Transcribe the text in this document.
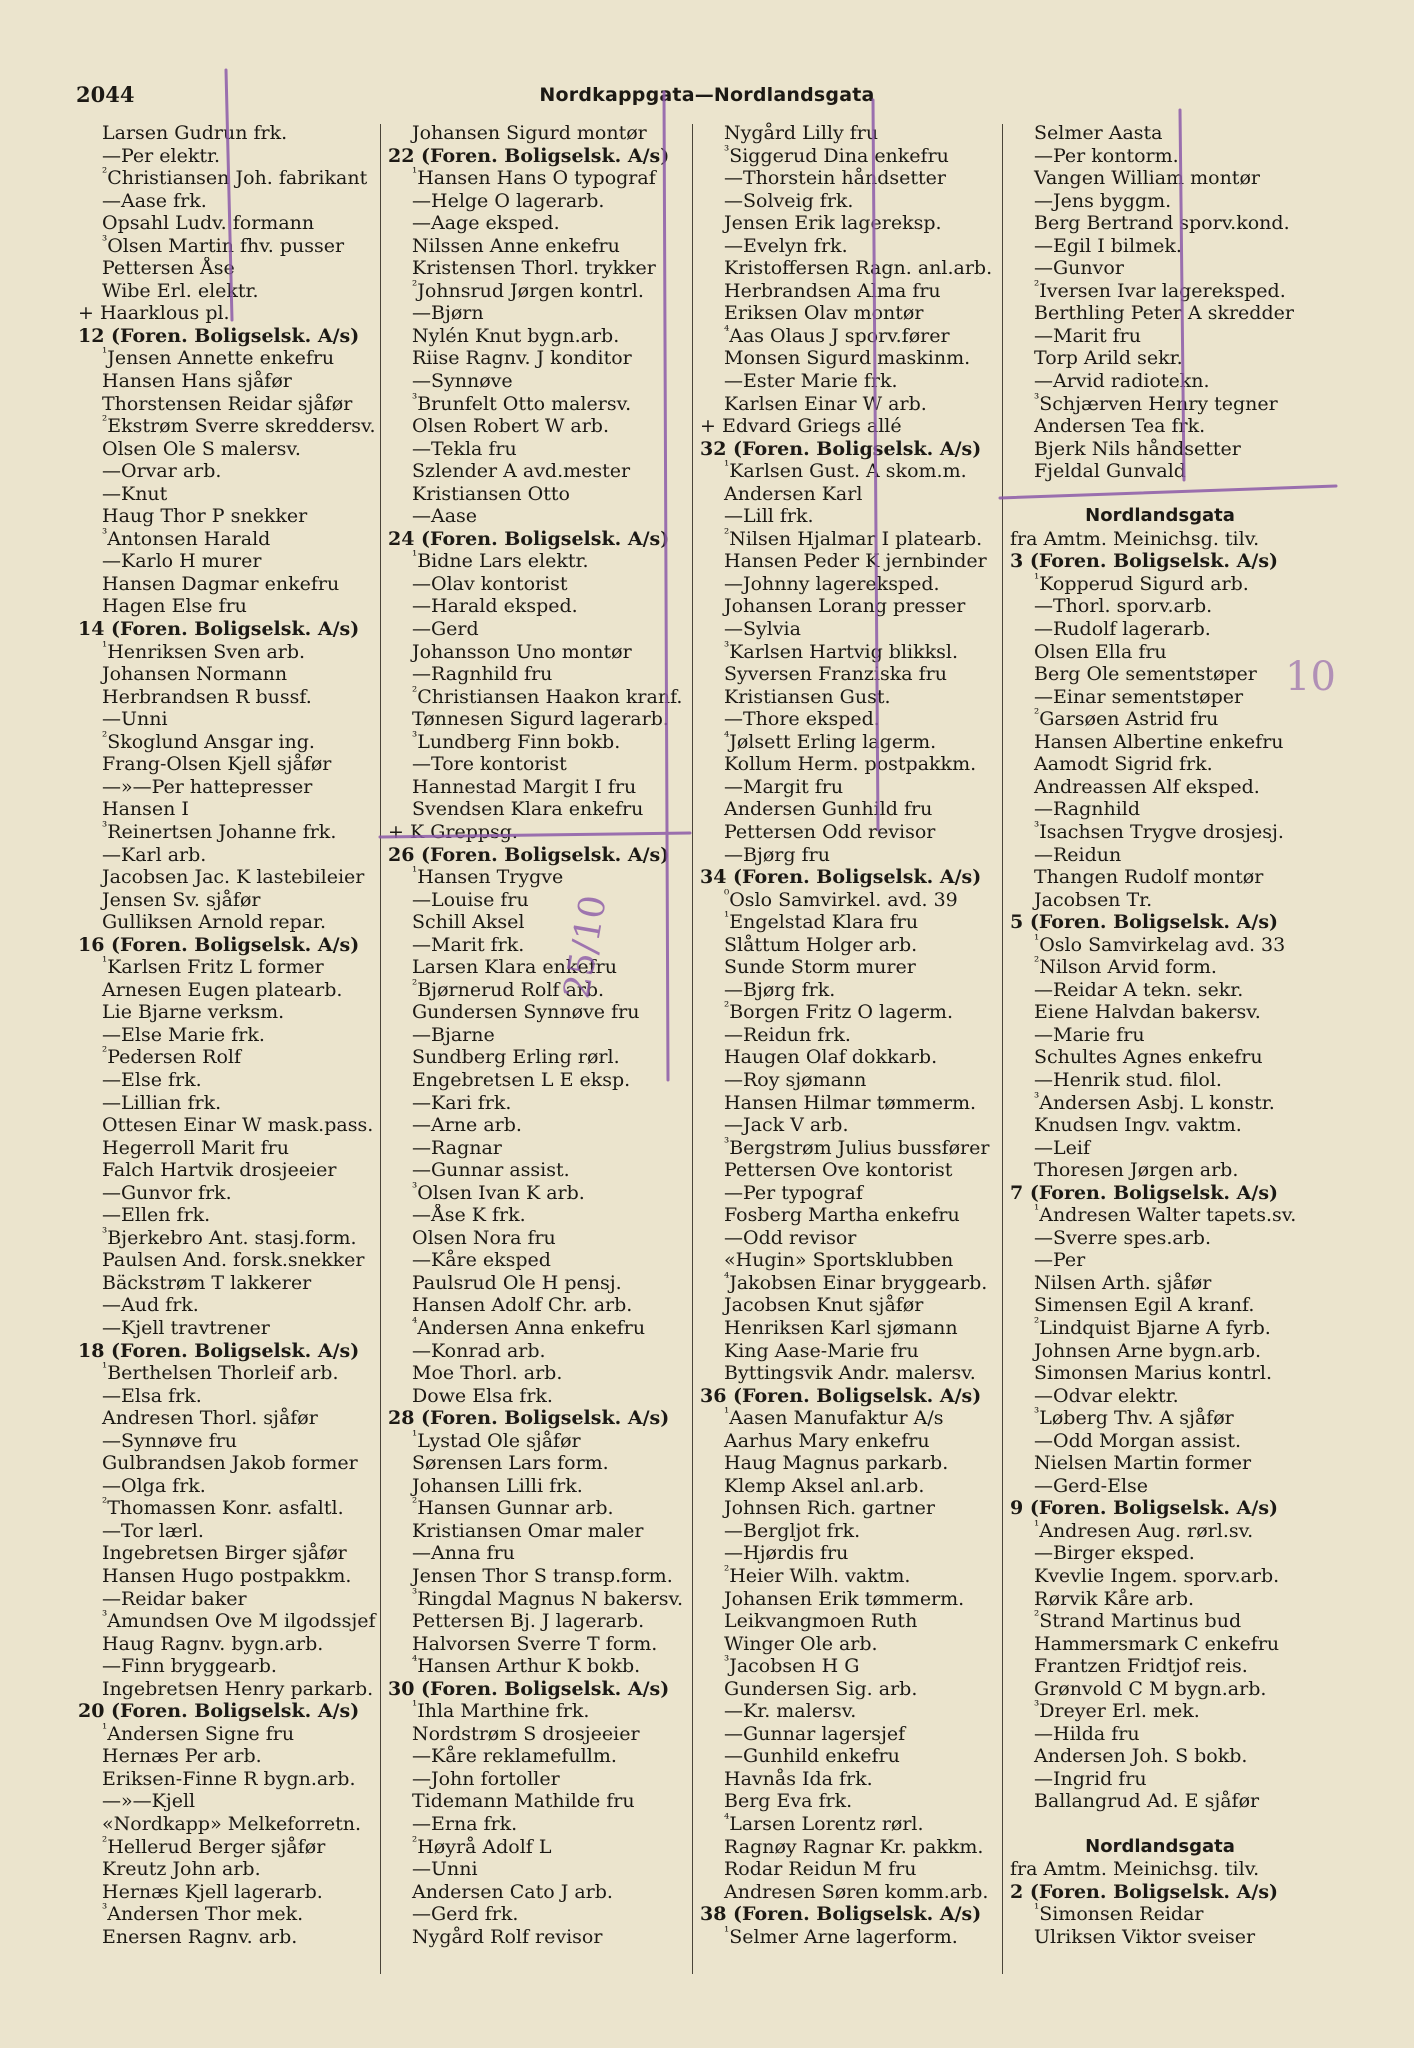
2044	Nordkappgata—Nordlandsgata
Larsen Gudrun frk.
—Per elektr.
$^{^2}$Christiansen Joh. fabrikant
—Aase frk.
Opsahl Ludv. formann
$^{^3}$Olsen Martin fhv. pusser
Pettersen Åse
Wibe Erl. elektr.
+ Haarklous pl.
12 (Foren. Boligselsk. A/s)
$^{^1}$Jensen Annette enkefru
Hansen Hans sjåfør
Thorstensen Reidar sjåfør
$^{^2}$Ekstrøm Sverre skreddersv.
Olsen Ole S malersv.
—Orvar arb.
—Knut
Haug Thor P snekker
$^{^3}$Antonsen Harald
—Karlo H murer
Hansen Dagmar enkefru
Hagen Else fru
14 (Foren. Boligselsk. A/s)
$^{^1}$Henriksen Sven arb.
Johansen Normann
Herbrandsen R bussf.
—Unni
$^{^2}$Skoglund Ansgar ing.
Frang-Olsen Kjell sjåfør
—»—Per hattepresser
Hansen I
$^{^3}$Reinertsen Johanne frk.
—Karl arb.
Jacobsen Jac. K lastebileier
Jensen Sv. sjåfør
Gulliksen Arnold repar.
16 (Foren. Boligselsk. A/s)
$^{^1}$Karlsen Fritz L former
Arnesen Eugen platearb.
Lie Bjarne verksm.
—Else Marie frk.
$^{^2}$Pedersen Rolf
—Else frk.
—Lillian frk.
Ottesen Einar W mask.pass.
Hegerroll Marit fru
Falch Hartvik drosjeeier
—Gunvor frk.
—Ellen frk.
$^{^3}$Bjerkebro Ant. stasj.form.
Paulsen And. forsk.snekker
Bäckstrøm T lakkerer
—Aud frk.
—Kjell travtrener
18 (Foren. Boligselsk. A/s)
$^{^1}$Berthelsen Thorleif arb.
—Elsa frk.
Andresen Thorl. sjåfør
—Synnøve fru
Gulbrandsen Jakob former
—Olga frk.
$^{^2}$Thomassen Konr. asfaltl.
—Tor lærl.
Ingebretsen Birger sjåfør
Hansen Hugo postpakkm.
—Reidar baker
$^{^3}$Amundsen Ove M ilgodssjef
Haug Ragnv. bygn.arb.
—Finn bryggearb.
Ingebretsen Henry parkarb.
20 (Foren. Boligselsk. A/s)
$^{^1}$Andersen Signe fru
Hernæs Per arb.
Eriksen-Finne R bygn.arb.
—»—Kjell
«Nordkapp» Melkeforretn.
$^{^2}$Hellerud Berger sjåfør
Kreutz John arb.
Hernæs Kjell lagerarb.
$^{^3}$Andersen Thor mek.
Enersen Ragnv. arb.
Johansen Sigurd montør
22 (Foren. Boligselsk. A/s)
$^{^1}$Hansen Hans O typograf
—Helge O lagerarb.
—Aage eksped.
Nilssen Anne enkefru
Kristensen Thorl. trykker
$^{^2}$Johnsrud Jørgen kontrl.
—Bjørn
Nylén Knut bygn.arb.
Riise Ragnv. J konditor
—Synnøve
$^{^3}$Brunfelt Otto malersv.
Olsen Robert W arb.
—Tekla fru
Szlender A avd.mester
Kristiansen Otto
—Aase
24 (Foren. Boligselsk. A/s)
$^{^1}$Bidne Lars elektr.
—Olav kontorist
—Harald eksped.
—Gerd
Johansson Uno montør
—Ragnhild fru
$^{^2}$Christiansen Haakon kranf.
Tønnesen Sigurd lagerarb.
$^{^3}$Lundberg Finn bokb.
—Tore kontorist
Hannestad Margit I fru
Svendsen Klara enkefru
+ K Greppsg.
26 (Foren. Boligselsk. A/s)
$^{^1}$Hansen Trygve
—Louise fru
Schill Aksel
—Marit frk.
Larsen Klara enkefru
$^{^2}$Bjørnerud Rolf arb.
Gundersen Synnøve fru
—Bjarne
Sundberg Erling rørl.
Engebretsen L E eksp.
—Kari frk.
—Arne arb.
—Ragnar
—Gunnar assist.
$^{^3}$Olsen Ivan K arb.
—Åse K frk.
Olsen Nora fru
—Kåre eksped
Paulsrud Ole H pensj.
Hansen Adolf Chr. arb.
$^{^4}$Andersen Anna enkefru
—Konrad arb.
Moe Thorl. arb.
Dowe Elsa frk.
28 (Foren. Boligselsk. A/s)
$^{^1}$Lystad Ole sjåfør
Sørensen Lars form.
Johansen Lilli frk.
$^{^2}$Hansen Gunnar arb.
Kristiansen Omar maler
—Anna fru
Jensen Thor S transp.form.
$^{^3}$Ringdal Magnus N bakersv.
Pettersen Bj. J lagerarb.
Halvorsen Sverre T form.
$^{^4}$Hansen Arthur K bokb.
30 (Foren. Boligselsk. A/s)
$^{^1}$Ihla Marthine frk.
Nordstrøm S drosjeeier
—Kåre reklamefullm.
—John fortoller
Tidemann Mathilde fru
—Erna frk.
$^{^2}$Høyrå Adolf L
—Unni
Andersen Cato J arb.
—Gerd frk.
Nygård Rolf revisor
Nygård Lilly fru
$^{^3}$Siggerud Dina enkefru
—Thorstein håndsetter
—Solveig frk.
Jensen Erik lagereksp.
—Evelyn frk.
Kristoffersen Ragn. anl.arb.
Herbrandsen Alma fru
Eriksen Olav montør
$^{^4}$Aas Olaus J sporv.fører
Monsen Sigurd maskinm.
—Ester Marie frk.
Karlsen Einar W arb.
+ Edvard Griegs allé
32 (Foren. Boligselsk. A/s)
$^{^1}$Karlsen Gust. A skom.m.
Andersen Karl
—Lill frk.
$^{^2}$Nilsen Hjalmar I platearb.
Hansen Peder K jernbinder
—Johnny lagereksped.
Johansen Lorang presser
—Sylvia
$^{^3}$Karlsen Hartvig blikksl.
Syversen Franziska fru
Kristiansen Gust.
—Thore eksped.
$^{^4}$Jølsett Erling lagerm.
Kollum Herm. postpakkm.
—Margit fru
Andersen Gunhild fru
Pettersen Odd revisor
—Bjørg fru
34 (Foren. Boligselsk. A/s)
$^{^0}$Oslo Samvirkel. avd. 39
$^{^1}$Engelstad Klara fru
Slåttum Holger arb.
Sunde Storm murer
—Bjørg frk.
$^{^2}$Borgen Fritz O lagerm.
—Reidun frk.
Haugen Olaf dokkarb.
—Roy sjømann
Hansen Hilmar tømmerm.
—Jack V arb.
$^{^3}$Bergstrøm Julius bussfører
Pettersen Ove kontorist
—Per typograf
Fosberg Martha enkefru
—Odd revisor
«Hugin» Sportsklubben
$^{^4}$Jakobsen Einar bryggearb.
Jacobsen Knut sjåfør
Henriksen Karl sjømann
King Aase-Marie fru
Byttingsvik Andr. malersv.
36 (Foren. Boligselsk. A/s)
$^{^1}$Aasen Manufaktur A/s
Aarhus Mary enkefru
Haug Magnus parkarb.
Klemp Aksel anl.arb.
Johnsen Rich. gartner
—Bergljot frk.
—Hjørdis fru
$^{^2}$Heier Wilh. vaktm.
Johansen Erik tømmerm.
Leikvangmoen Ruth
Winger Ole arb.
$^{^3}$Jacobsen H G
Gundersen Sig. arb.
—Kr. malersv.
—Gunnar lagersjef
—Gunhild enkefru
Havnås Ida frk.
Berg Eva frk.
$^{^4}$Larsen Lorentz rørl.
Ragnøy Ragnar Kr. pakkm.
Rodar Reidun M fru
Andresen Søren komm.arb.
38 (Foren. Boligselsk. A/s)
$^{^1}$Selmer Arne lagerform.
Selmer Aasta
—Per kontorm.
Vangen William montør
—Jens byggm.
Berg Bertrand sporv.kond.
—Egil I bilmek.
—Gunvor
$^{^2}$Iversen Ivar lagereksped.
Berthling Peter A skredder
—Marit fru
Torp Arild sekr.
—Arvid radiotekn.
$^{^3}$Schjærven Henry tegner
Andersen Tea frk.
Bjerk Nils håndsetter
Fjeldal Gunvald
Nordlandsgata
fra Amtm. Meinichsg. tilv.
3 (Foren. Boligselsk. A/s)
$^{^1}$Kopperud Sigurd arb.
—Thorl. sporv.arb.
—Rudolf lagerarb.
Olsen Ella fru
Berg Ole sementstøper
—Einar sementstøper
$^{^2}$Garsøen Astrid fru
Hansen Albertine enkefru
Aamodt Sigrid frk.
Andreassen Alf eksped.
—Ragnhild
$^{^3}$Isachsen Trygve drosjesj.
—Reidun
Thangen Rudolf montør
Jacobsen Tr.
5 (Foren. Boligselsk. A/s)
$^{^1}$Oslo Samvirkelag avd. 33
$^{^2}$Nilson Arvid form.
—Reidar A tekn. sekr.
Eiene Halvdan bakersv.
—Marie fru
Schultes Agnes enkefru
—Henrik stud. filol.
$^{^3}$Andersen Asbj. L konstr.
Knudsen Ingv. vaktm.
—Leif
Thoresen Jørgen arb.
7 (Foren. Boligselsk. A/s)
$^{^1}$Andresen Walter tapets.sv.
—Sverre spes.arb.
—Per
Nilsen Arth. sjåfør
Simensen Egil A kranf.
$^{^2}$Lindquist Bjarne A fyrb.
Johnsen Arne bygn.arb.
Simonsen Marius kontrl.
—Odvar elektr.
$^{^3}$Løberg Thv. A sjåfør
—Odd Morgan assist.
Nielsen Martin former
—Gerd-Else
9 (Foren. Boligselsk. A/s)
$^{^1}$Andresen Aug. rørl.sv.
—Birger eksped.
Kvevlie Ingem. sporv.arb.
Rørvik Kåre arb.
$^{^2}$Strand Martinus bud
Hammersmark C enkefru
Frantzen Fridtjof reis.
Grønvold C M bygn.arb.
$^{^3}$Dreyer Erl. mek.
—Hilda fru
Andersen Joh. S bokb.
—Ingrid fru
Ballangrud Ad. E sjåfør
Nordlandsgata
fra Amtm. Meinichsg. tilv.
2 (Foren. Boligselsk. A/s)
$^{^1}$Simonsen Reidar
Ulriksen Viktor sveiser
25/10
10
